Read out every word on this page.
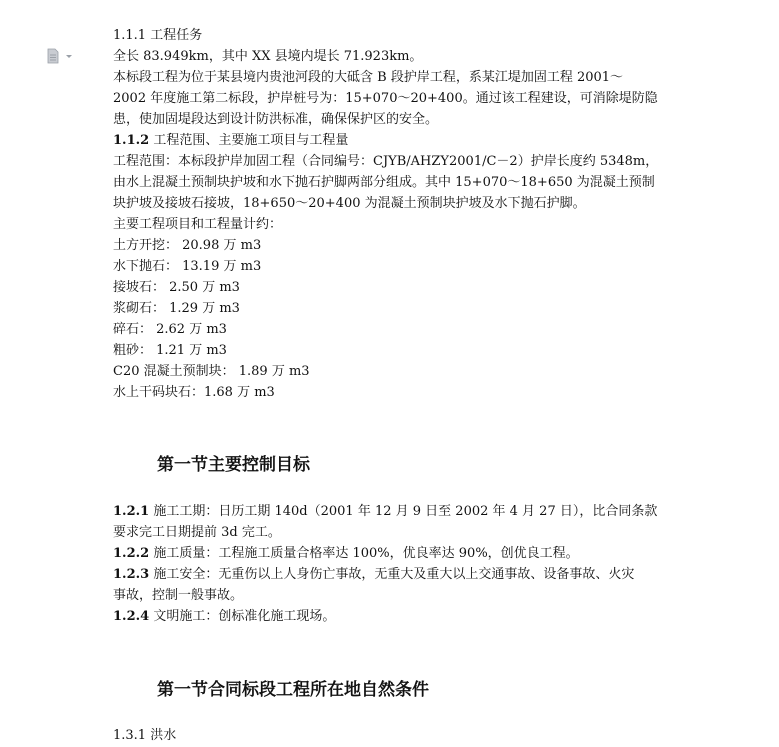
1.1.1 工程任务
全长 83.949km，其中 XX 县境内堤长 71.923km。
本标段工程为位于某县境内贵池河段的大砥含 B 段护岸工程，系某江堤加固工程 2001～
2002 年度施工第二标段，护岸桩号为：15+070～20+400。通过该工程建设，可消除堤防隐
患，使加固堤段达到设计防洪标准，确保保护区的安全。
1.1.2 工程范围、主要施工项目与工程量
工程范围：本标段护岸加固工程（合同编号：CJYB/AHZY2001/C－2）护岸长度约 5348m，
由水上混凝土预制块护坡和水下抛石护脚两部分组成。其中 15+070～18+650 为混凝土预制
块护坡及接坡石接坡，18+650～20+400 为混凝土预制块护坡及水下抛石护脚。
主要工程项目和工程量计约：
土方开挖： 20.98 万 m3
水下抛石： 13.19 万 m3
接坡石： 2.50 万 m3
浆砌石： 1.29 万 m3
碎石： 2.62 万 m3
粗砂： 1.21 万 m3
C20 混凝土预制块： 1.89 万 m3
水上干码块石：1.68 万 m3
第一节主要控制目标
1.2.1 施工工期：日历工期 140d（2001 年 12 月 9 日至 2002 年 4 月 27 日），比合同条款
要求完工日期提前 3d 完工。
1.2.2 施工质量：工程施工质量合格率达 100%，优良率达 90%，创优良工程。
1.2.3 施工安全：无重伤以上人身伤亡事故，无重大及重大以上交通事故、设备事故、火灾
事故，控制一般事故。
1.2.4 文明施工：创标准化施工现场。
第一节合同标段工程所在地自然条件
1.3.1 洪水
